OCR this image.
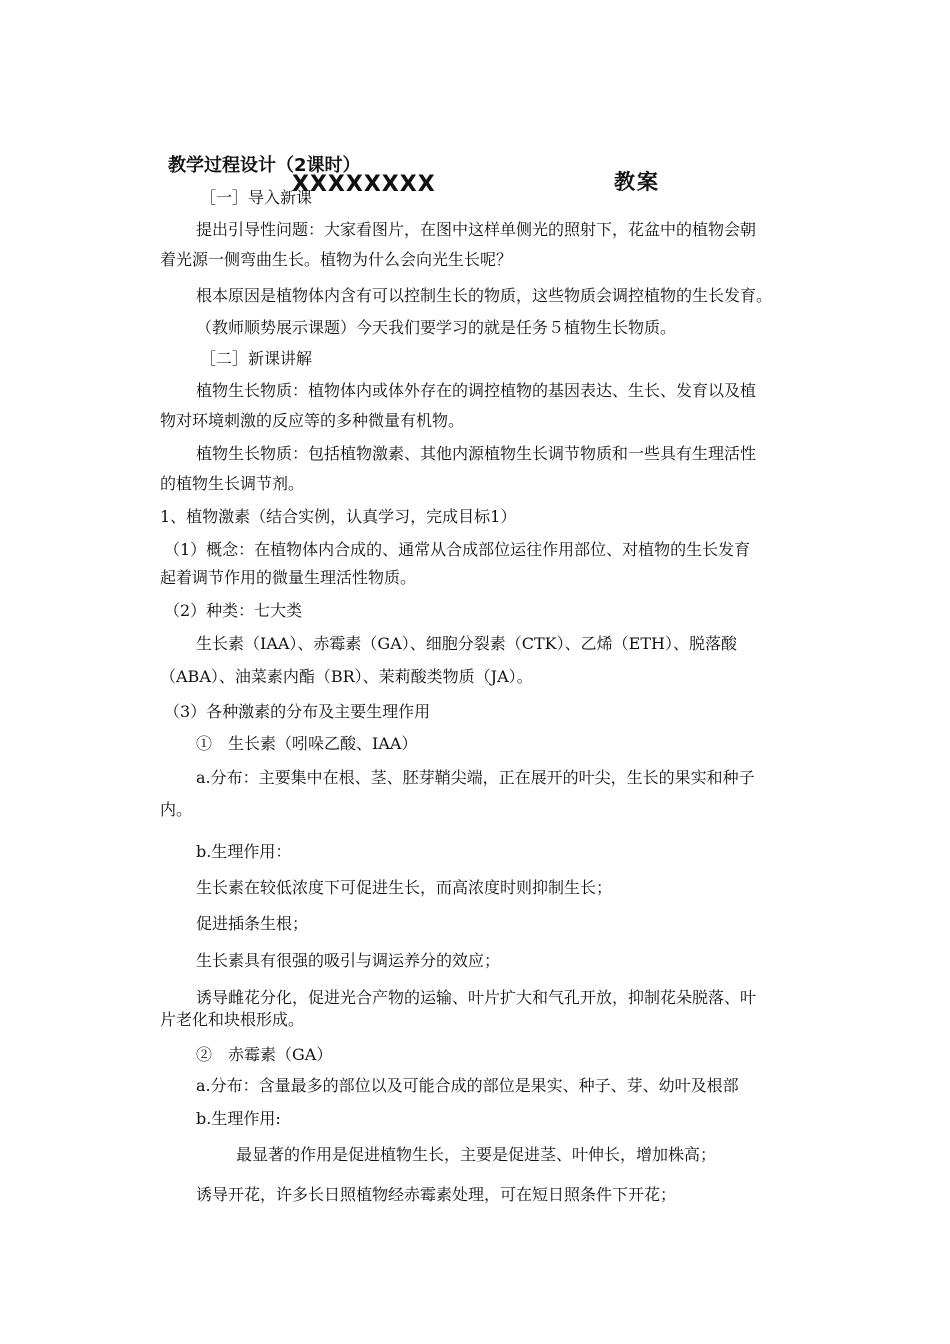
教学过程设计（2课时）
XXXXXXXX	教案
［一］导入新课
提出引导性问题：大家看图片，在图中这样单侧光的照射下，花盆中的植物会朝
着光源一侧弯曲生长。植物为什么会向光生长呢？
根本原因是植物体内含有可以控制生长的物质，这些物质会调控植物的生长发育。
（教师顺势展示课题）今天我们要学习的就是任务５植物生长物质。
［二］新课讲解
植物生长物质：植物体内或体外存在的调控植物的基因表达、生长、发育以及植
物对环境刺激的反应等的多种微量有机物。
植物生长物质：包括植物激素、其他内源植物生长调节物质和一些具有生理活性
的植物生长调节剂。
1、植物激素（结合实例，认真学习，完成目标1）
（1）概念：在植物体内合成的、通常从合成部位运往作用部位、对植物的生长发育
起着调节作用的微量生理活性物质。
（2）种类：七大类
生长素（IAA）、赤霉素（GA）、细胞分裂素（CTK）、乙烯（ETH）、脱落酸
（ABA）、油菜素内酯（BR）、茉莉酸类物质（JA）。
（3）各种激素的分布及主要生理作用
①　生长素（吲哚乙酸、IAA）
a.分布：主要集中在根、茎、胚芽鞘尖端，正在展开的叶尖，生长的果实和种子
内。
b.生理作用：
生长素在较低浓度下可促进生长，而高浓度时则抑制生长；
促进插条生根；
生长素具有很强的吸引与调运养分的效应；
诱导雌花分化，促进光合产物的运输、叶片扩大和气孔开放，抑制花朵脱落、叶
片老化和块根形成。
②　赤霉素（GA）
a.分布：含量最多的部位以及可能合成的部位是果实、种子、芽、幼叶及根部
b.生理作用:
最显著的作用是促进植物生长，主要是促进茎、叶伸长，增加株高；
诱导开花，许多长日照植物经赤霉素处理，可在短日照条件下开花；
